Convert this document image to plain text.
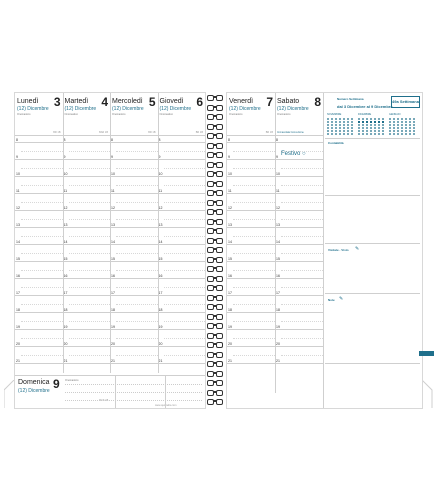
Lunedì 3
(12) Dicembre
Onomastico
BR 1B
8
9
10
11
12
13
14
15
16
17
18
19
20
21
Martedì 4
(12) Dicembre
Onomastico
BAR 1B
8
9
10
11
12
13
14
15
16
17
18
19
20
21
Mercoledì 5
(12) Dicembre
Onomastico
BR 1B
8
9
10
11
12
13
14
15
16
17
18
19
20
21
Giovedì 6
(12) Dicembre
Onomastico
BR 1B
8
9
10
11
12
13
14
15
16
17
18
19
20
21
Domenica 9
(12) Dicembre
Onomastico
MCS 1B
www.quovadis.com
Venerdì 7
(12) Dicembre
Onomastico
BR 1B
8
9
10
11
12
13
14
15
16
17
18
19
20
21
Sabato 8
(12) Dicembre
Onomastico
8
9
10
11
12
13
14
15
16
17
18
19
20
21
Festivo ○
Immacolata Concezione
Numero Settimana
dal 3 Dicembre al 9 Dicembre
49a Settimana
NOVEMBRE	DICEMBRE	GENNAIO
Contabilità
Visitate · Visto
Note
✎
✎
